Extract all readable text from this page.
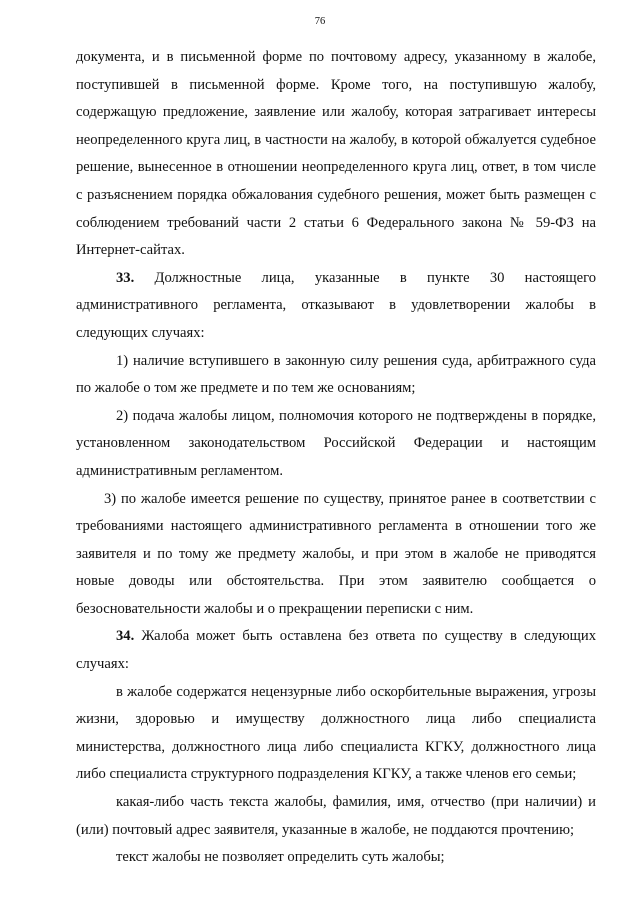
76

документа, и в письменной форме по почтовому адресу, указанному в жалобе, поступившей в письменной форме. Кроме того, на поступившую жалобу, содержащую предложение, заявление или жалобу, которая затрагивает интересы неопределенного круга лиц, в частности на жалобу, в которой обжалуется судебное решение, вынесенное в отношении неопределенного круга лиц, ответ, в том числе с разъяснением порядка обжалования судебного решения, может быть размещен с соблюдением требований части 2 статьи 6 Федерального закона № 59-ФЗ на Интернет-сайтах.

33. Должностные лица, указанные в пункте 30 настоящего административного регламента, отказывают в удовлетворении жалобы в следующих случаях:

1) наличие вступившего в законную силу решения суда, арбитражного суда по жалобе о том же предмете и по тем же основаниям;

2) подача жалобы лицом, полномочия которого не подтверждены в порядке, установленном законодательством Российской Федерации и настоящим административным регламентом.

3) по жалобе имеется решение по существу, принятое ранее в соответствии с требованиями настоящего административного регламента в отношении того же заявителя и по тому же предмету жалобы, и при этом в жалобе не приводятся новые доводы или обстоятельства. При этом заявителю сообщается о безосновательности жалобы и о прекращении переписки с ним.

34. Жалоба может быть оставлена без ответа по существу в следующих случаях:

в жалобе содержатся нецензурные либо оскорбительные выражения, угрозы жизни, здоровью и имуществу должностного лица либо специалиста министерства, должностного лица либо специалиста КГКУ, должностного лица либо специалиста структурного подразделения КГКУ, а также членов его семьи;

какая-либо часть текста жалобы, фамилия, имя, отчество (при наличии) и (или) почтовый адрес заявителя, указанные в жалобе, не поддаются прочтению;

текст жалобы не позволяет определить суть жалобы;
